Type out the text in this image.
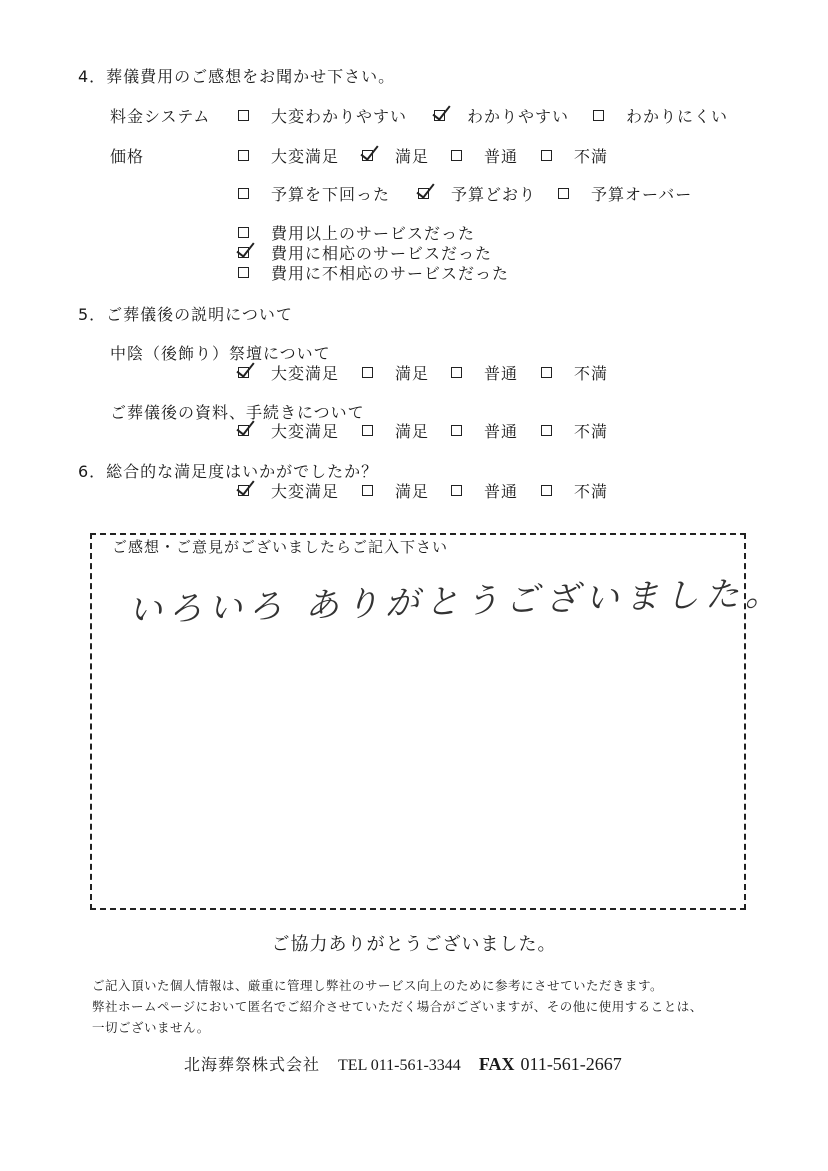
4．葬儀費用のご感想をお聞かせ下さい。
料金システム	大変わかりやすい	わかりやすい	わかりにくい
価格	大変満足	満足	普通	不満
予算を下回った	予算どおり	予算オーバー
費用以上のサービスだった
費用に相応のサービスだった
費用に不相応のサービスだった
5．ご葬儀後の説明について
中陰（後飾り）祭壇について
大変満足	満足	普通	不満
ご葬儀後の資料、手続きについて
大変満足	満足	普通	不満
6．総合的な満足度はいかがでしたか？
大変満足	満足	普通	不満
ご感想・ご意見がございましたらご記入下さい
いろいろ ありがとうございました。
ご協力ありがとうございました。
ご記入頂いた個人情報は、厳重に管理し弊社のサービス向上のために参考にさせていただきます。
弊社ホームページにおいて匿名でご紹介させていただく場合がございますが、その他に使用することは、
一切ございません。
北海葬祭株式会社 TEL 011-561-3344 FAX 011-561-2667
